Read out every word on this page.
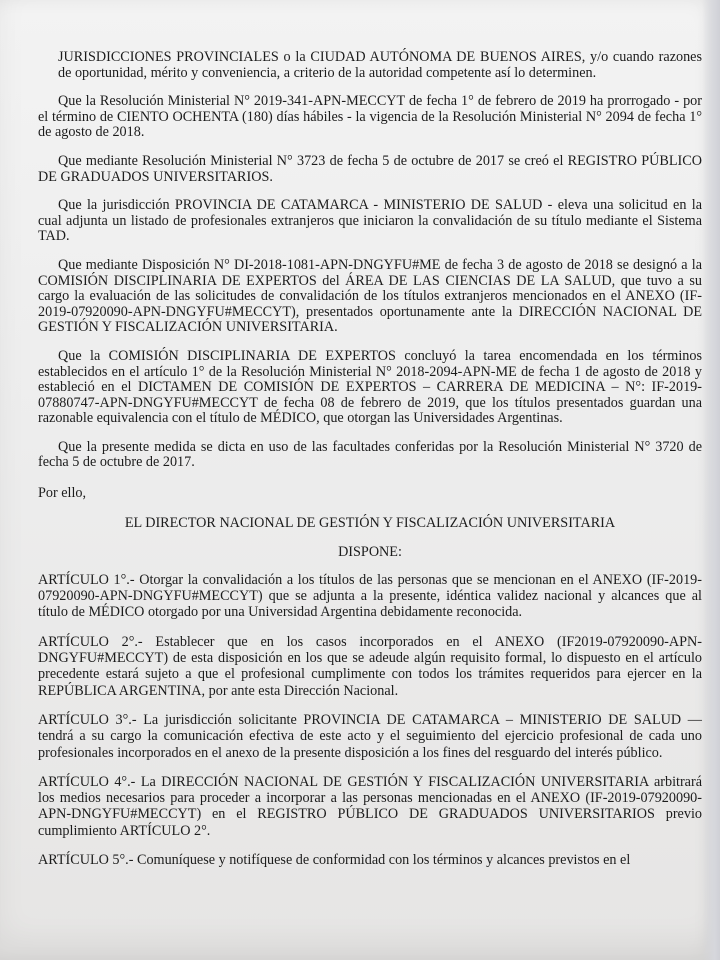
JURISDICCIONES PROVINCIALES o la CIUDAD AUTÓNOMA DE BUENOS AIRES, y/o cuando razones de oportunidad, mérito y conveniencia, a criterio de la autoridad competente así lo determinen.

Que la Resolución Ministerial N° 2019-341-APN-MECCYT de fecha 1° de febrero de 2019 ha prorrogado - por el término de CIENTO OCHENTA (180) días hábiles - la vigencia de la Resolución Ministerial N° 2094 de fecha 1° de agosto de 2018.

Que mediante Resolución Ministerial N° 3723 de fecha 5 de octubre de 2017 se creó el REGISTRO PÚBLICO DE GRADUADOS UNIVERSITARIOS.

Que la jurisdicción PROVINCIA DE CATAMARCA - MINISTERIO DE SALUD - eleva una solicitud en la cual adjunta un listado de profesionales extranjeros que iniciaron la convalidación de su título mediante el Sistema TAD.

Que mediante Disposición N° DI-2018-1081-APN-DNGYFU#ME de fecha 3 de agosto de 2018 se designó a la COMISIÓN DISCIPLINARIA DE EXPERTOS del ÁREA DE LAS CIENCIAS DE LA SALUD, que tuvo a su cargo la evaluación de las solicitudes de convalidación de los títulos extranjeros mencionados en el ANEXO (IF-2019-07920090-APN-DNGYFU#MECCYT), presentados oportunamente ante la DIRECCIÓN NACIONAL DE GESTIÓN Y FISCALIZACIÓN UNIVERSITARIA.

Que la COMISIÓN DISCIPLINARIA DE EXPERTOS concluyó la tarea encomendada en los términos establecidos en el artículo 1° de la Resolución Ministerial N° 2018-2094-APN-ME de fecha 1 de agosto de 2018 y estableció en el DICTAMEN DE COMISIÓN DE EXPERTOS – CARRERA DE MEDICINA – N°: IF-2019-07880747-APN-DNGYFU#MECCYT de fecha 08 de febrero de 2019, que los títulos presentados guardan una razonable equivalencia con el título de MÉDICO, que otorgan las Universidades Argentinas.

Que la presente medida se dicta en uso de las facultades conferidas por la Resolución Ministerial N° 3720 de fecha 5 de octubre de 2017.

Por ello,

EL DIRECTOR NACIONAL DE GESTIÓN Y FISCALIZACIÓN UNIVERSITARIA

DISPONE:

ARTÍCULO 1°.- Otorgar la convalidación a los títulos de las personas que se mencionan en el ANEXO (IF-2019-07920090-APN-DNGYFU#MECCYT) que se adjunta a la presente, idéntica validez nacional y alcances que al título de MÉDICO otorgado por una Universidad Argentina debidamente reconocida.

ARTÍCULO 2°.- Establecer que en los casos incorporados en el ANEXO (IF2019-07920090-APN-DNGYFU#MECCYT) de esta disposición en los que se adeude algún requisito formal, lo dispuesto en el artículo precedente estará sujeto a que el profesional cumplimente con todos los trámites requeridos para ejercer en la REPÚBLICA ARGENTINA, por ante esta Dirección Nacional.

ARTÍCULO 3°.- La jurisdicción solicitante PROVINCIA DE CATAMARCA – MINISTERIO DE SALUD — tendrá a su cargo la comunicación efectiva de este acto y el seguimiento del ejercicio profesional de cada uno profesionales incorporados en el anexo de la presente disposición a los fines del resguardo del interés público.

ARTÍCULO 4°.- La DIRECCIÓN NACIONAL DE GESTIÓN Y FISCALIZACIÓN UNIVERSITARIA arbitrará los medios necesarios para proceder a incorporar a las personas mencionadas en el ANEXO (IF-2019-07920090-APN-DNGYFU#MECCYT) en el REGISTRO PÚBLICO DE GRADUADOS UNIVERSITARIOS previo cumplimiento ARTÍCULO 2°.

ARTÍCULO 5°.- Comuníquese y notifíquese de conformidad con los términos y alcances previstos en el
